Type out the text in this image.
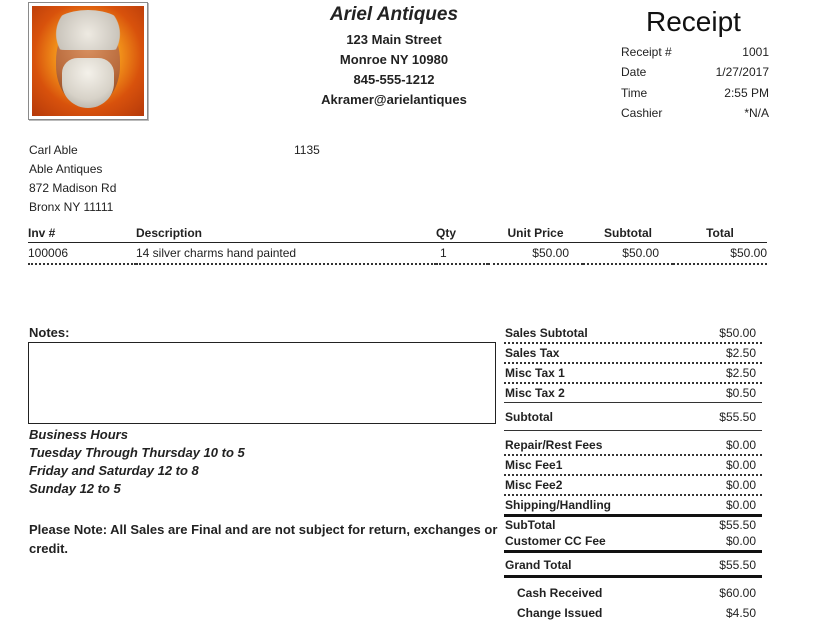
Ariel Antiques
123 Main Street
Monroe NY 10980
845-555-1212
Akramer@arielantiques
Receipt
Receipt #	1001
Date	1/27/2017
Time	2:55 PM
Cashier	*N/A
Carl Able
Able Antiques
872 Madison Rd
Bronx NY 11111
1135
Inv #	Description	Qty	Unit Price	Subtotal	Total
100006	14 silver charms hand painted	1	$50.00	$50.00	$50.00
Notes:
Business Hours
Tuesday Through Thursday 10 to 5
Friday and Saturday 12 to 8
Sunday 12 to 5
Please Note: All Sales are Final and are not subject for return, exchanges or credit.
Sales Subtotal	$50.00
Sales Tax	$2.50
Misc Tax 1	$2.50
Misc Tax 2	$0.50
Subtotal	$55.50
Repair/Rest Fees	$0.00
Misc Fee1	$0.00
Misc Fee2	$0.00
Shipping/Handling	$0.00
SubTotal	$55.50
Customer CC Fee	$0.00
Grand Total	$55.50
Cash Received	$60.00
Change Issued	$4.50
